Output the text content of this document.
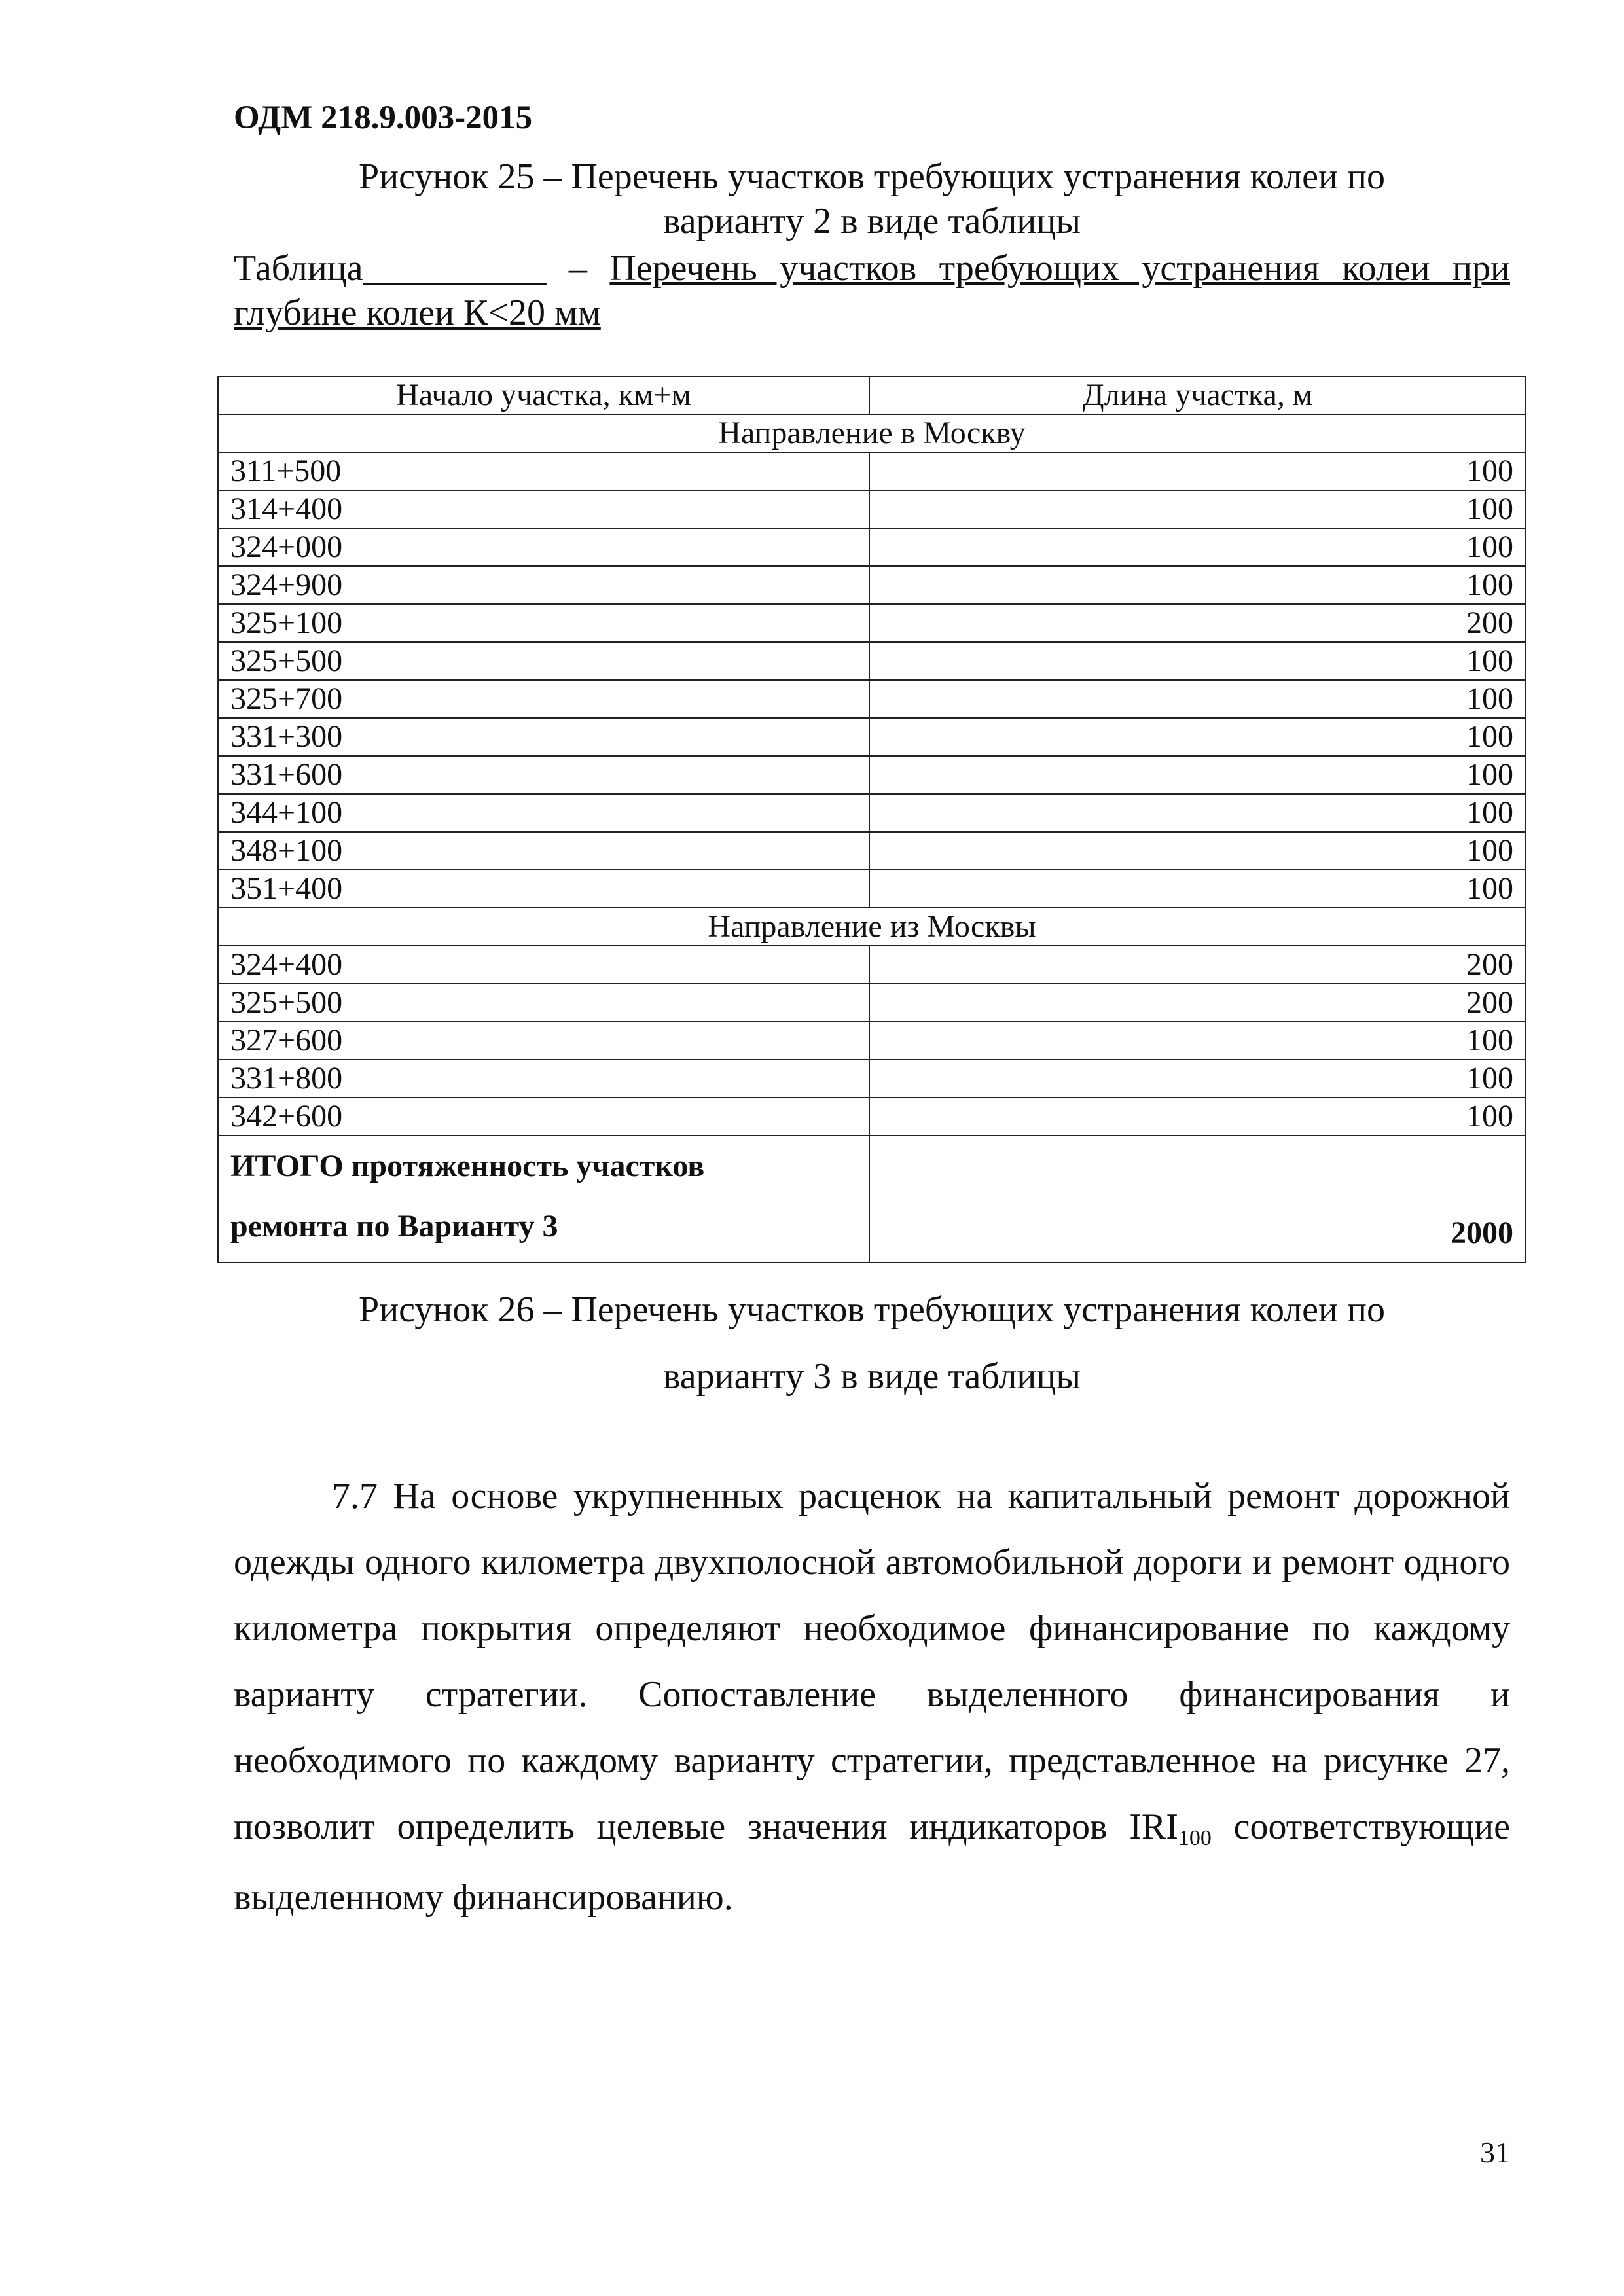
ОДМ 218.9.003-2015
Рисунок 25 – Перечень участков требующих устранения колеи по
варианту 2 в виде таблицы
Таблица__________ – Перечень участков требующих устранения колеи при глубине колеи К<20 мм
Начало участка, км+м	Длина участка, м
Направление в Москву	
311+500	100
314+400	100
324+000	100
324+900	100
325+100	200
325+500	100
325+700	100
331+300	100
331+600	100
344+100	100
348+100	100
351+400	100
Направление из Москвы	
324+400	200
325+500	200
327+600	100
331+800	100
342+600	100

ИТОГО протяженность участков
ремонта по Варианту 3	2000
Рисунок 26 – Перечень участков требующих устранения колеи по
варианту 3 в виде таблицы
7.7 На основе укрупненных расценок на капитальный ремонт дорожной одежды одного километра двухполосной автомобильной дороги и ремонт одного километра покрытия определяют необходимое финансирование по каждому варианту стратегии. Сопоставление выделенного финансирования и необходимого по каждому варианту стратегии, представленное на рисунке 27, позволит определить целевые значения индикаторов $IRI_{100}$ соответствующие выделенному финансированию.
31
